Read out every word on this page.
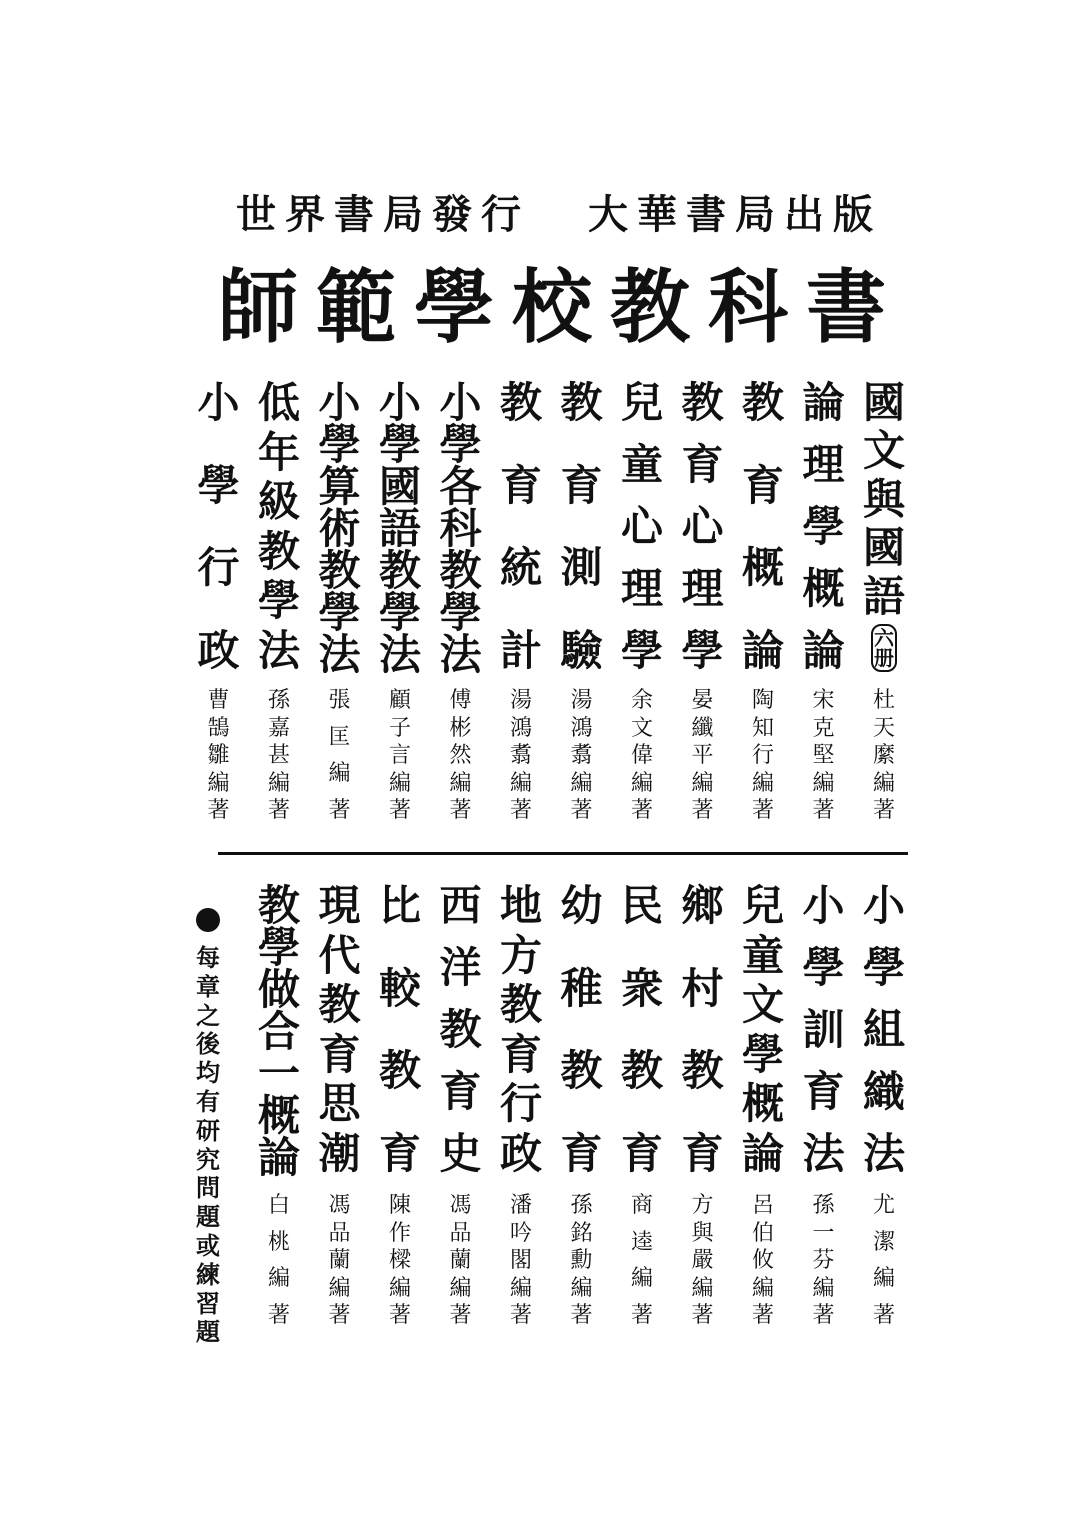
世界書局發行 大華書局出版
師範學校教科書
國
文
與
國
語
六
册
杜
天
縻
編
著
論
理
學
概
論
宋
克
堅
編
著
教
育
概
論
陶
知
行
編
著
教
育
心
理
學
晏
纖
平
編
著
兒
童
心
理
學
余
文
偉
編
著
教
育
測
驗
湯
鴻
翥
編
著
教
育
統
計
湯
鴻
翥
編
著
小
學
各
科
教
學
法
傅
彬
然
編
著
小
學
國
語
教
學
法
顧
子
言
編
著
小
學
算
術
教
學
法
張
匡
編
著
低
年
級
教
學
法
孫
嘉
甚
編
著
小
學
行
政
曹
鵠
雛
編
著
小
學
組
織
法
尤
潔
編
著
小
學
訓
育
法
孫
一
芬
編
著
兒
童
文
學
概
論
呂
伯
攸
編
著
鄉
村
教
育
方
與
嚴
編
著
民
衆
教
育
商
逵
編
著
幼
稚
教
育
孫
銘
勳
編
著
地
方
教
育
行
政
潘
吟
閣
編
著
西
洋
教
育
史
馮
品
蘭
編
著
比
較
教
育
陳
作
樑
編
著
現
代
教
育
思
潮
馮
品
蘭
編
著
教
學
做
合
一
概
論
白
桃
編
著
每
章
之
後
均
有
研
究
問
題
或
練
習
題
